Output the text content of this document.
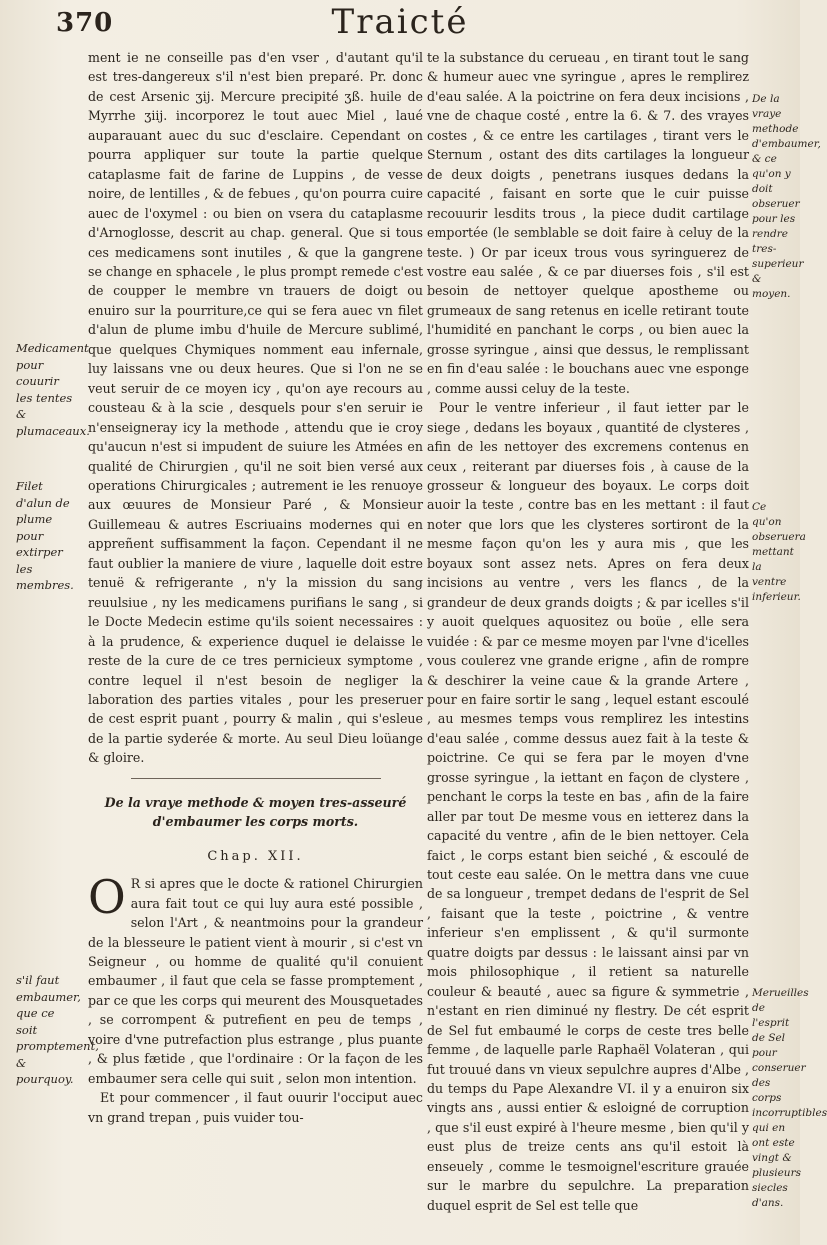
370	Traicté
Medicament pour couurir les tentes & plumaceaux.
Filet d'alun de plume pour extirper les membres.
s'il faut embaumer, que ce soit promptement, & pourquoy.
De la vraye methode d'embaumer, & ce qu'on y doit obseruer pour les rendre tres-superieur & moyen.
Ce qu'on obseruera mettant la ventre inferieur.
Merueilles de l'esprit de Sel pour conseruer des corps incorruptibles qui en ont este vingt & plusieurs siecles d'ans.

ment ie ne conseille pas d'en vser , d'autant qu'il est tres-dangereux s'il n'est bien preparé. Pr. donc de cest Arsenic ʒij. Mercure precipité ʒß. huile de Myrrhe ʒiij. incorporez le tout auec Miel , laué auparauant auec du suc d'esclaire. Cependant on pourra appliquer sur toute la partie quelque cataplasme fait de farine de Luppins , de vesse noire, de lentilles , & de febues , qu'on pourra cuire auec de l'oxymel : ou bien on vsera du cataplasme d'Arnoglosse, descrit au chap. general. Que si tous ces medicamens sont inutiles , & que la gangrene se change en sphacele , le plus prompt remede c'est de coupper le membre vn trauers de doigt ou enuiro sur la pourriture,ce qui se fera auec vn filet d'alun de plume imbu d'huile de Mercure sublimé, que quelques Chymiques nomment eau infernale, luy laissans vne ou deux heures. Que si l'on ne se veut seruir de ce moyen icy , qu'on aye recours au cousteau & à la scie , desquels pour s'en seruir ie n'enseigneray icy la methode , attendu que ie croy qu'aucun n'est si impudent de suiure les Atmées en qualité de Chirurgien , qu'il ne soit bien versé aux operations Chirurgicales ; autrement ie les renuoye aux œuures de Monsieur Paré , & Monsieur Guillemeau & autres Escriuains modernes qui en appreñent suffisamment la façon. Cependant il ne faut oublier la maniere de viure , laquelle doit estre tenuë & refrigerante , n'y la mission du sang reuulsiue , ny les medicamens purifians le sang , si le Docte Medecin estime qu'ils soient necessaires : à la prudence, & experience duquel ie delaisse le reste de la cure de ce tres pernicieux symptome , contre lequel il n'est besoin de negliger la laboration des parties vitales , pour les preseruer de cest esprit puant , pourry & malin , qui s'esleue de la partie syderée & morte. Au seul Dieu loüange & gloire.

De la vraye methode & moyen tres-asseuré d'embaumer les corps morts.
Chap. XII.

O R si apres que le docte & rationel Chirurgien aura fait tout ce qui luy aura esté possible , selon l'Art , & neantmoins pour la grandeur de la blesseure le patient vient à mourir , si c'est vn Seigneur , ou homme de qualité qu'il conuient embaumer , il faut que cela se fasse promptement , par ce que les corps qui meurent des Mousquetades , se corrompent & putrefient en peu de temps , voire d'vne putrefaction plus estrange , plus puante , & plus fætide , que l'ordinaire : Or la façon de les embaumer sera celle qui suit , selon mon intention.

Et pour commencer , il faut ouurir l'occiput auec vn grand trepan , puis vuider tou-

te la substance du cerueau , en tirant tout le sang & humeur auec vne syringue , apres le remplirez d'eau salée. A la poictrine on fera deux incisions , vne de chaque costé , entre la 6. & 7. des vrayes costes , & ce entre les cartilages , tirant vers le Sternum , ostant des dits cartilages la longueur de deux doigts , penetrans iusques dedans la capacité , faisant en sorte que le cuir puisse recouurir lesdits trous , la piece dudit cartilage emportée (le semblable se doit faire à celuy de la teste. ) Or par iceux trous vous syringuerez de vostre eau salée , & ce par diuerses fois , s'il est besoin de nettoyer quelque apostheme ou grumeaux de sang retenus en icelle retirant toute l'humidité en panchant le corps , ou bien auec la grosse syringue , ainsi que dessus, le remplissant en fin d'eau salée : le bouchans auec vne esponge , comme aussi celuy de la teste.

Pour le ventre inferieur , il faut ietter par le siege , dedans les boyaux , quantité de clysteres , afin de les nettoyer des excremens contenus en ceux , reiterant par diuerses fois , à cause de la grosseur & longueur des boyaux. Le corps doit auoir la teste , contre bas en les mettant : il faut noter que lors que les clysteres sortiront de la mesme façon qu'on les y aura mis , que les boyaux sont assez nets. Apres on fera deux incisions au ventre , vers les flancs , de la grandeur de deux grands doigts ; & par icelles s'il y auoit quelques aquositez ou boüe , elle sera vuidée : & par ce mesme moyen par l'vne d'icelles vous coulerez vne grande erigne , afin de rompre & deschirer la veine caue & la grande Artere , pour en faire sortir le sang , lequel estant escoulé , au mesmes temps vous remplirez les intestins d'eau salée , comme dessus auez fait à la teste & poictrine. Ce qui se fera par le moyen d'vne grosse syringue , la iettant en façon de clystere , penchant le corps la teste en bas , afin de la faire aller par tout De mesme vous en ietterez dans la capacité du ventre , afin de le bien nettoyer. Cela faict , le corps estant bien seiché , & escoulé de tout ceste eau salée. On le mettra dans vne cuue de sa longueur , trempet dedans de l'esprit de Sel , faisant que la teste , poictrine , & ventre inferieur s'en emplissent , & qu'il surmonte quatre doigts par dessus : le laissant ainsi par vn mois philosophique , il retient sa naturelle couleur & beauté , auec sa figure & symmetrie , n'estant en rien diminué ny flestry. De cét esprit de Sel fut embaumé le corps de ceste tres belle femme , de laquelle parle Raphaël Volateran , qui fut trouué dans vn vieux sepulchre aupres d'Albe , du temps du Pape Alexandre VI. il y a enuiron six vingts ans , aussi entier & esloigné de corruption , que s'il eust expiré à l'heure mesme , bien qu'il y eust plus de treize cents ans qu'il estoit là enseuely , comme le tesmoignel'escriture grauée sur le marbre du sepulchre. La preparation duquel esprit de Sel est telle que
